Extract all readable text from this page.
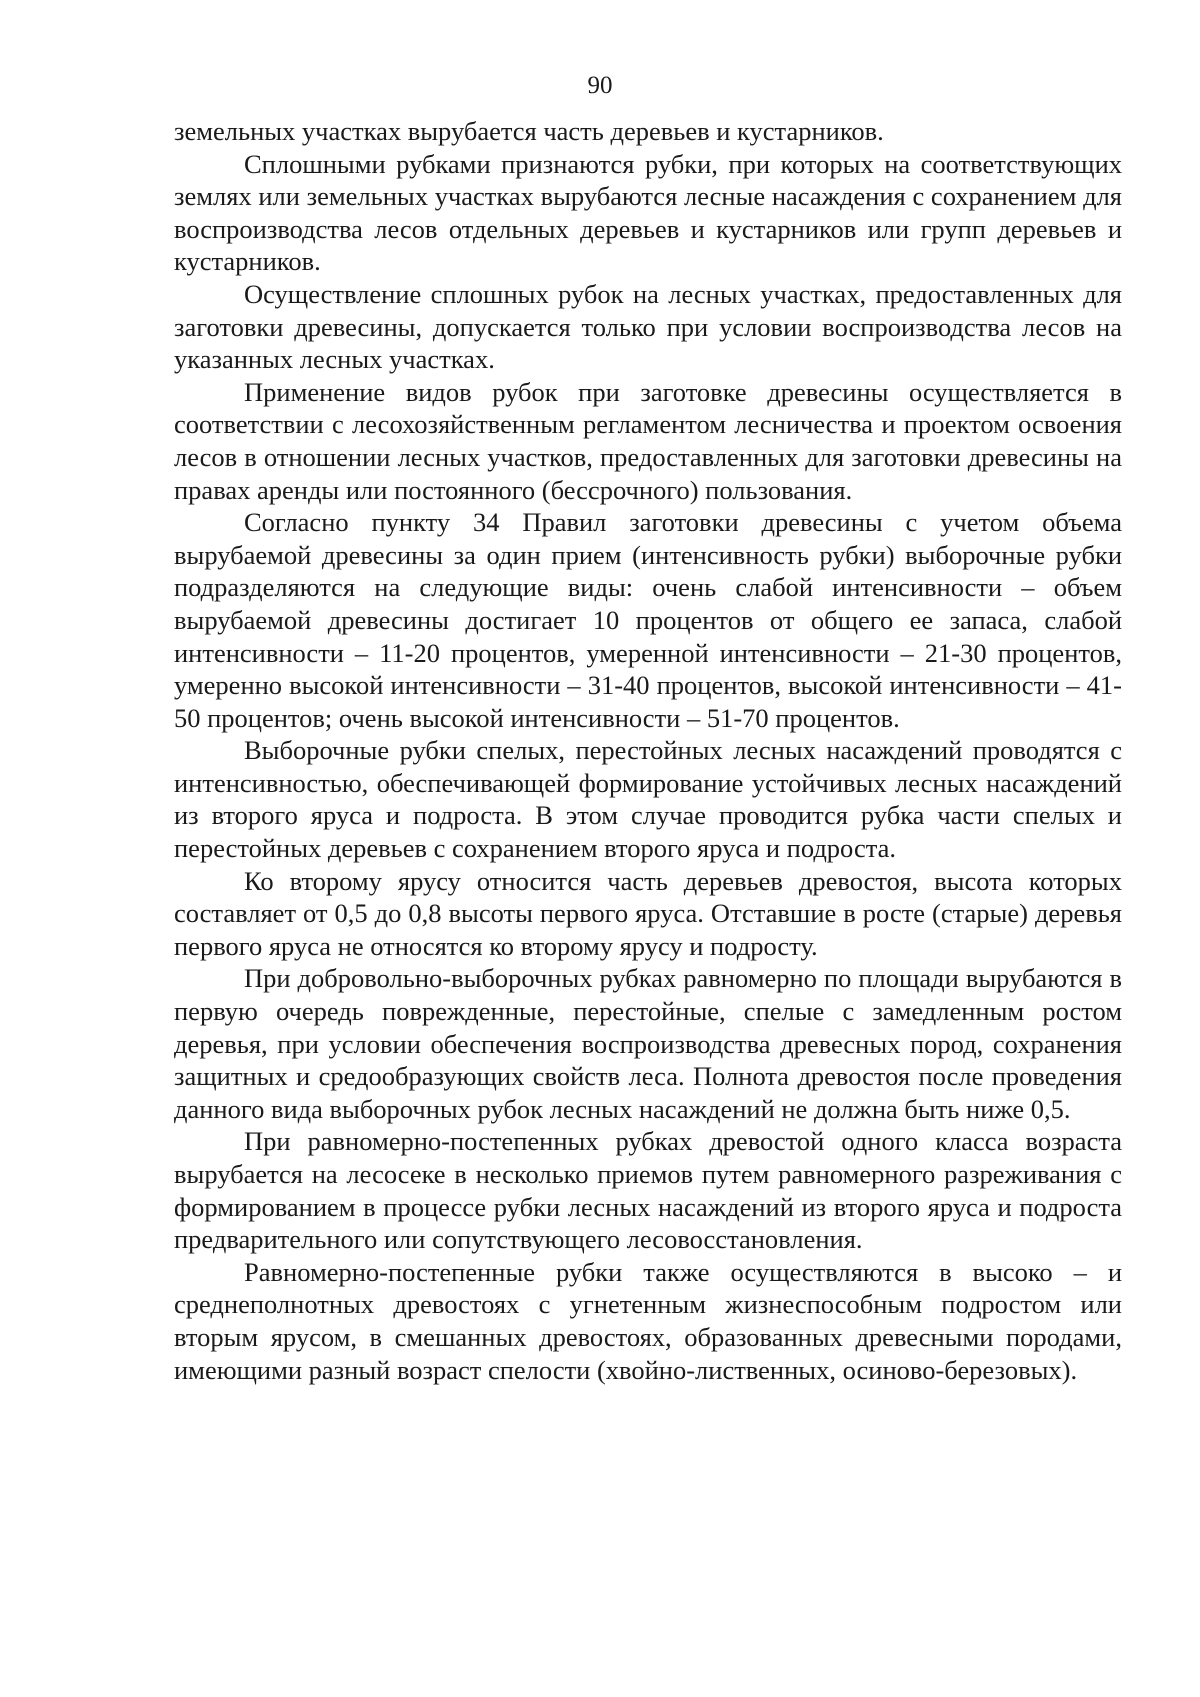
90

земельных участках вырубается часть деревьев и кустарников.

Сплошными рубками признаются рубки, при которых на соответствующих землях или земельных участках вырубаются лесные насаждения с сохранением для воспроизводства лесов отдельных деревьев и кустарников или групп деревьев и кустарников.

Осуществление сплошных рубок на лесных участках, предоставленных для заготовки древесины, допускается только при условии воспроизводства лесов на указанных лесных участках.

Применение видов рубок при заготовке древесины осуществляется в соответствии с лесохозяйственным регламентом лесничества и проектом освоения лесов в отношении лесных участков, предоставленных для заготовки древесины на правах аренды или постоянного (бессрочного) пользования.

Согласно пункту 34 Правил заготовки древесины с учетом объема вырубаемой древесины за один прием (интенсивность рубки) выборочные рубки подразделяются на следующие виды: очень слабой интенсивности – объем вырубаемой древесины достигает 10 процентов от общего ее запаса, слабой интенсивности – 11-20 процентов, умеренной интенсивности – 21-30 процентов, умеренно высокой интенсивности – 31-40 процентов, высокой интенсивности – 41-50 процентов; очень высокой интенсивности – 51-70 процентов.

Выборочные рубки спелых, перестойных лесных насаждений проводятся с интенсивностью, обеспечивающей формирование устойчивых лесных насаждений из второго яруса и подроста. В этом случае проводится рубка части спелых и перестойных деревьев с сохранением второго яруса и подроста.

Ко второму ярусу относится часть деревьев древостоя, высота которых составляет от 0,5 до 0,8 высоты первого яруса. Отставшие в росте (старые) деревья первого яруса не относятся ко второму ярусу и подросту.

При добровольно-выборочных рубках равномерно по площади вырубаются в первую очередь поврежденные, перестойные, спелые с замедленным ростом деревья, при условии обеспечения воспроизводства древесных пород, сохранения защитных и средообразующих свойств леса. Полнота древостоя после проведения данного вида выборочных рубок лесных насаждений не должна быть ниже 0,5.

При равномерно-постепенных рубках древостой одного класса возраста вырубается на лесосеке в несколько приемов путем равномерного разреживания с формированием в процессе рубки лесных насаждений из второго яруса и подроста предварительного или сопутствующего лесовосстановления.

Равномерно-постепенные рубки также осуществляются в высоко – и среднеполнотных древостоях с угнетенным жизнеспособным подростом или вторым ярусом, в смешанных древостоях, образованных древесными породами, имеющими разный возраст спелости (хвойно-лиственных, осиново-березовых).
